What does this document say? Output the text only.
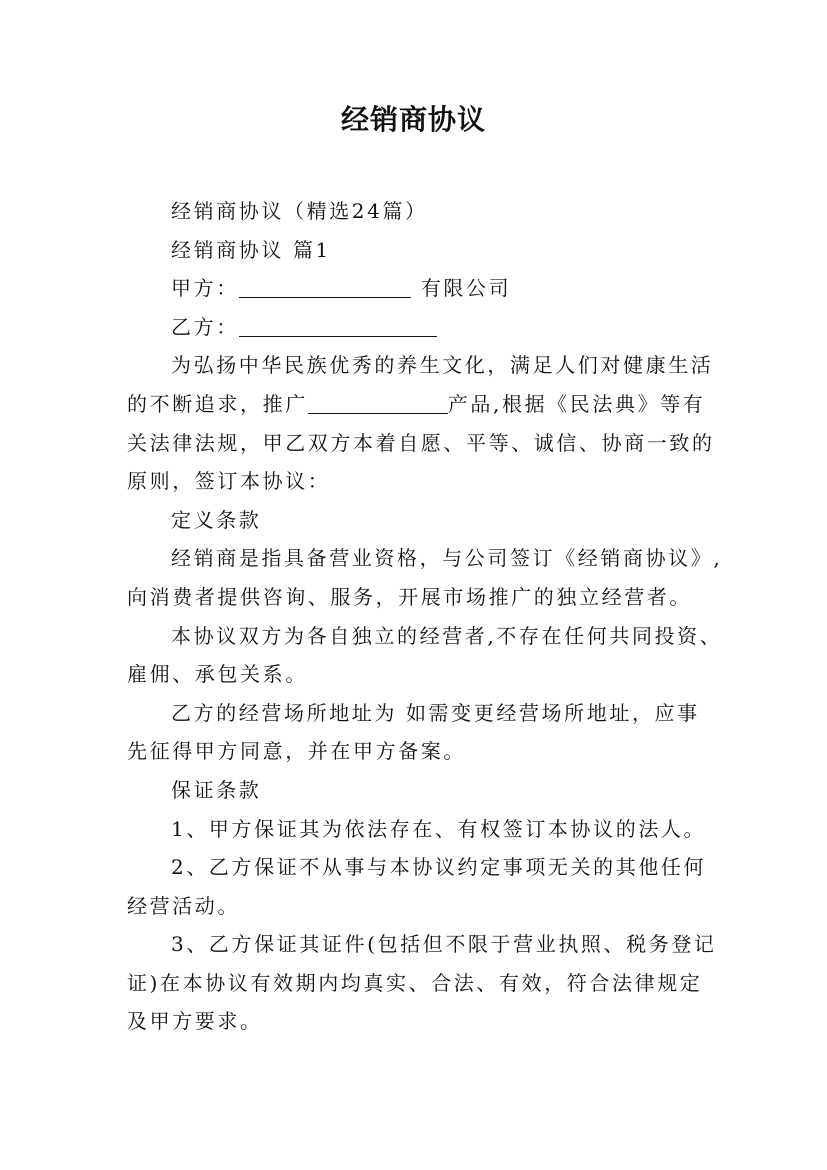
经销商协议

经销商协议（精选24篇）

经销商协议 篇1

甲方：	有限公司

乙方：

为弘扬中华民族优秀的养生文化，满足人们对健康生活

的不断追求，推广	产品,根据《民法典》等有

关法律法规，甲乙双方本着自愿、平等、诚信、协商一致的

原则，签订本协议：

定义条款

经销商是指具备营业资格，与公司签订《经销商协议》,

向消费者提供咨询、服务，开展市场推广的独立经营者。

本协议双方为各自独立的经营者,不存在任何共同投资、

雇佣、承包关系。

乙方的经营场所地址为 如需变更经营场所地址，应事

先征得甲方同意，并在甲方备案。

保证条款

1、甲方保证其为依法存在、有权签订本协议的法人。

2、乙方保证不从事与本协议约定事项无关的其他任何

经营活动。

3、乙方保证其证件(包括但不限于营业执照、税务登记

证)在本协议有效期内均真实、合法、有效，符合法律规定

及甲方要求。
